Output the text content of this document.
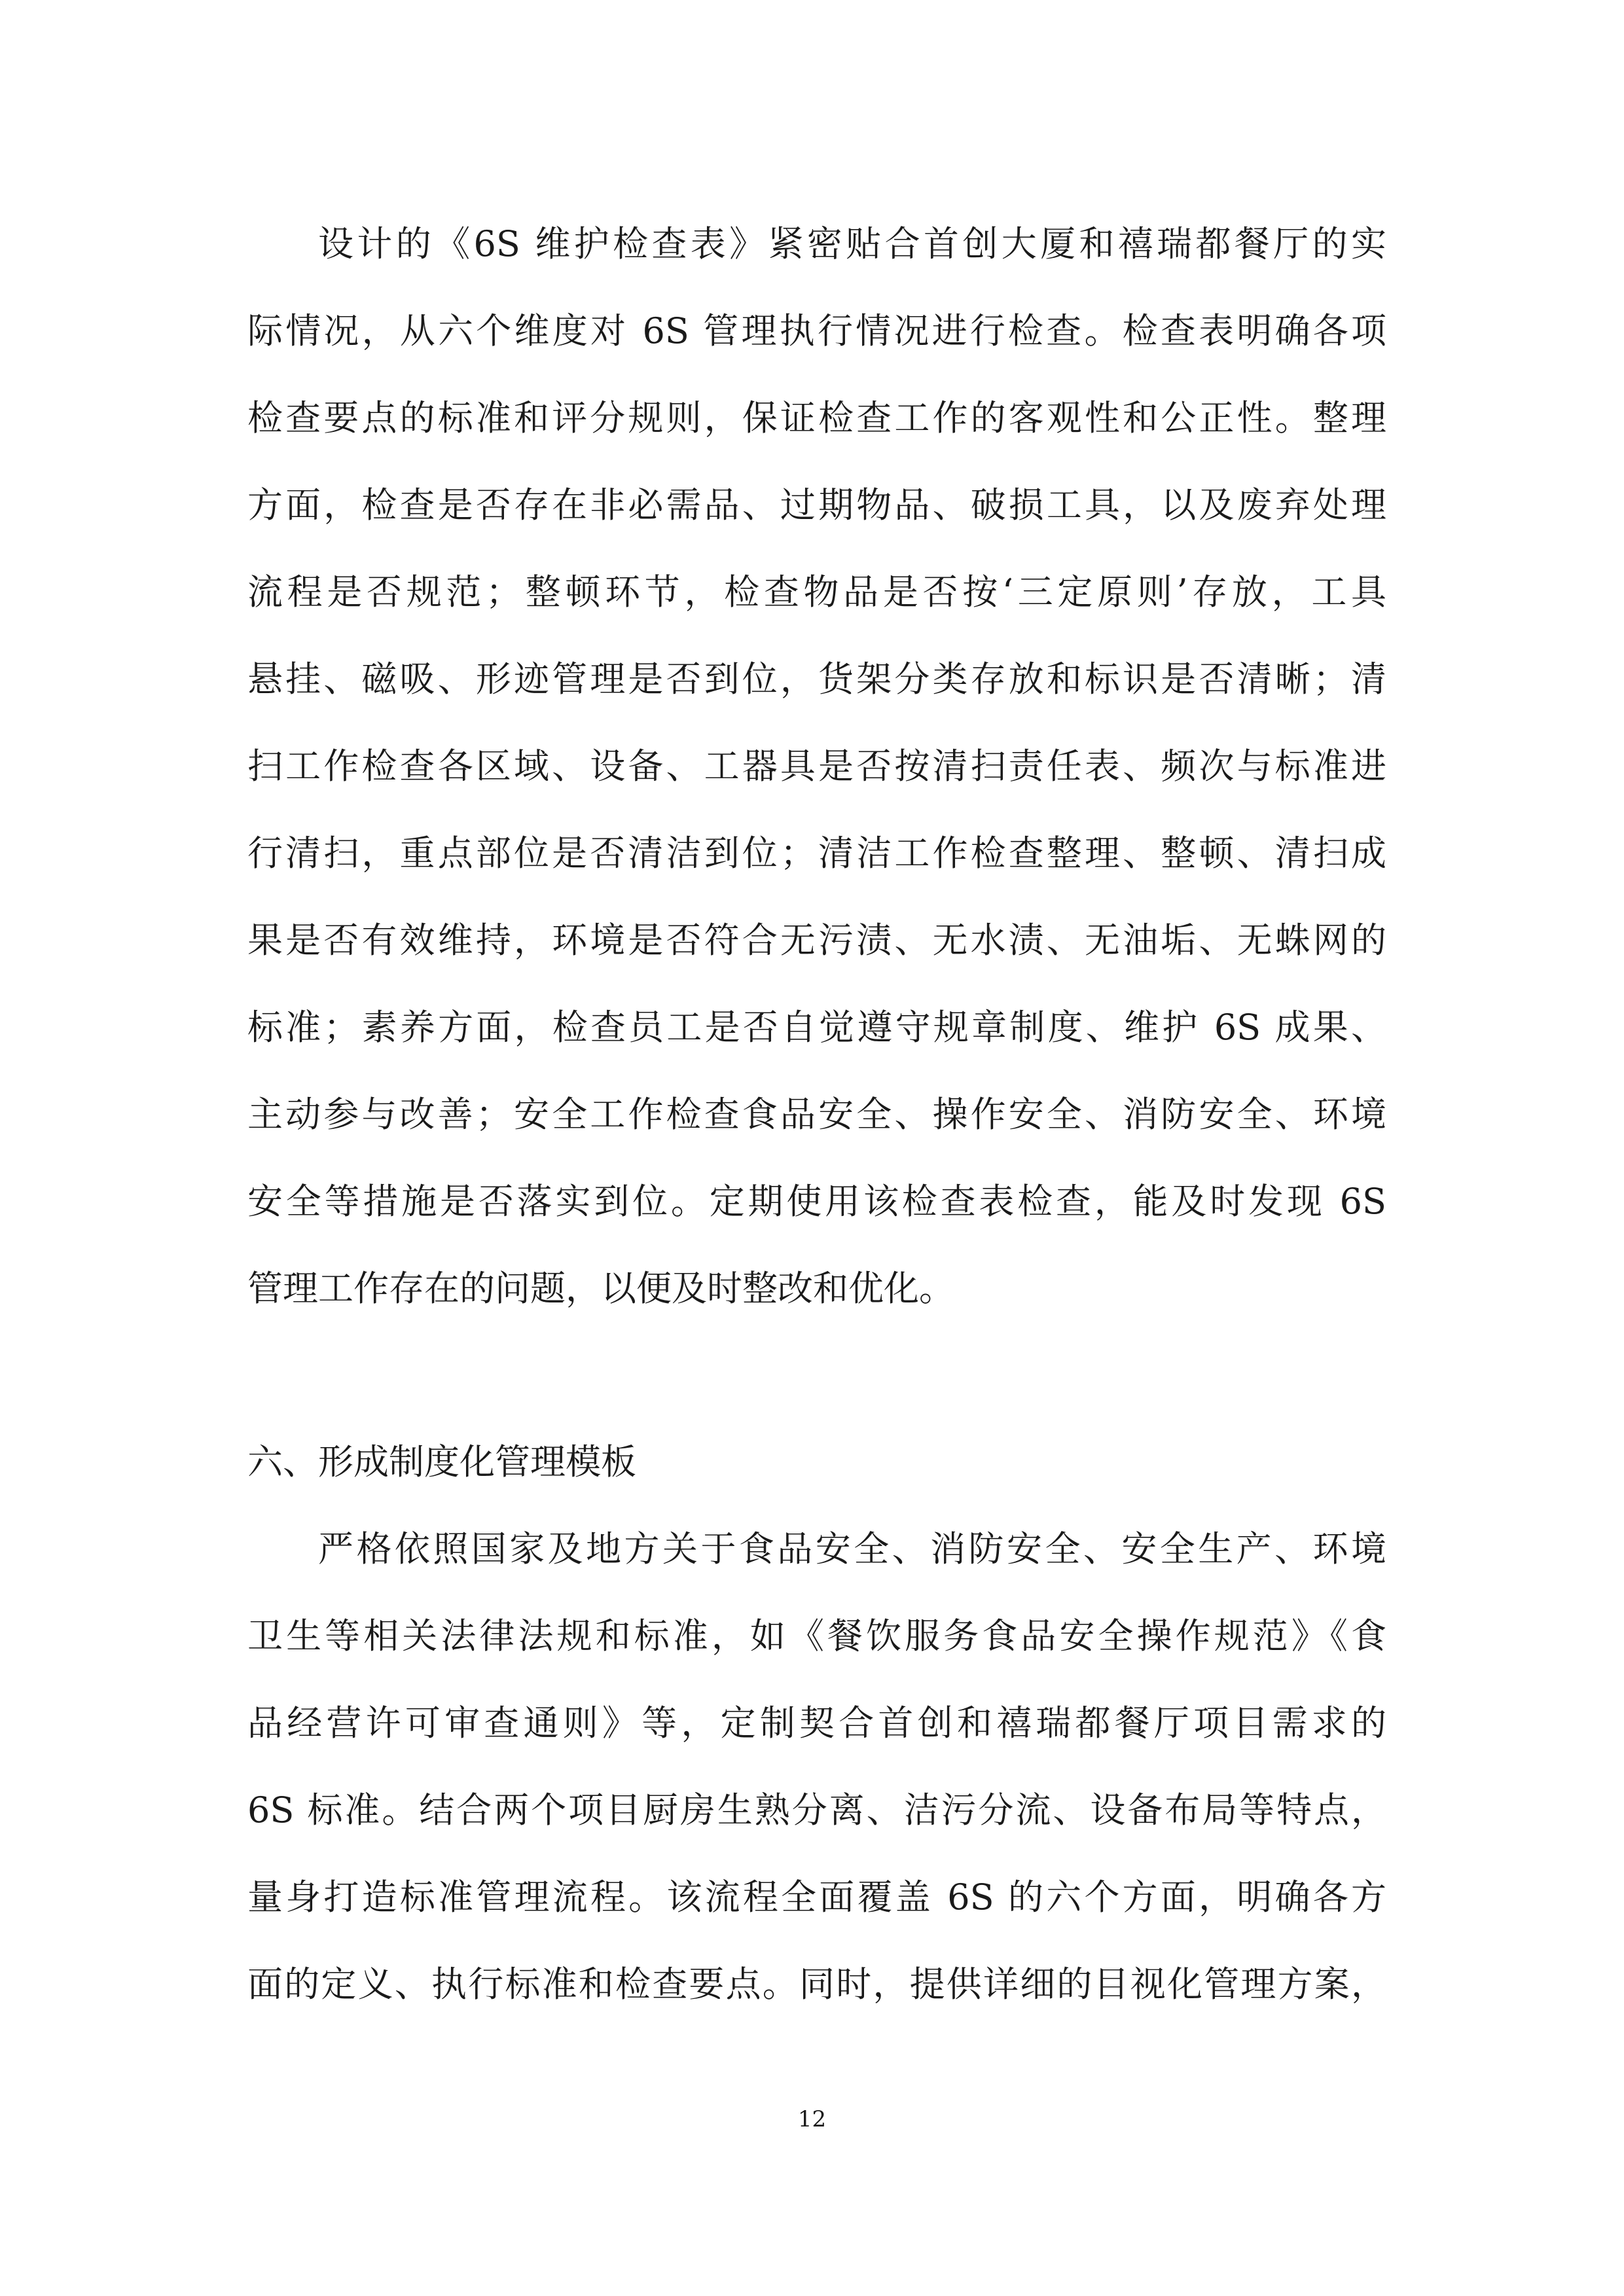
设计的《6S 维护检查表》紧密贴合首创大厦和禧瑞都餐厅的实
际情况，从六个维度对 6S 管理执行情况进行检查。检查表明确各项
检查要点的标准和评分规则，保证检查工作的客观性和公正性。整理
方面，检查是否存在非必需品、过期物品、破损工具，以及废弃处理
流程是否规范；整顿环节，检查物品是否按‘三定原则’存放，工具
悬挂、磁吸、形迹管理是否到位，货架分类存放和标识是否清晰；清
扫工作检查各区域、设备、工器具是否按清扫责任表、频次与标准进
行清扫，重点部位是否清洁到位；清洁工作检查整理、整顿、清扫成
果是否有效维持，环境是否符合无污渍、无水渍、无油垢、无蛛网的
标准；素养方面，检查员工是否自觉遵守规章制度、维护 6S 成果、
主动参与改善；安全工作检查食品安全、操作安全、消防安全、环境
安全等措施是否落实到位。定期使用该检查表检查，能及时发现 6S
管理工作存在的问题，以便及时整改和优化。
六、形成制度化管理模板
严格依照国家及地方关于食品安全、消防安全、安全生产、环境
卫生等相关法律法规和标准，如《餐饮服务食品安全操作规范》《食
品经营许可审查通则》等，定制契合首创和禧瑞都餐厅项目需求的
6S 标准。结合两个项目厨房生熟分离、洁污分流、设备布局等特点，
量身打造标准管理流程。该流程全面覆盖 6S 的六个方面，明确各方
面的定义、执行标准和检查要点。同时，提供详细的目视化管理方案，
12
